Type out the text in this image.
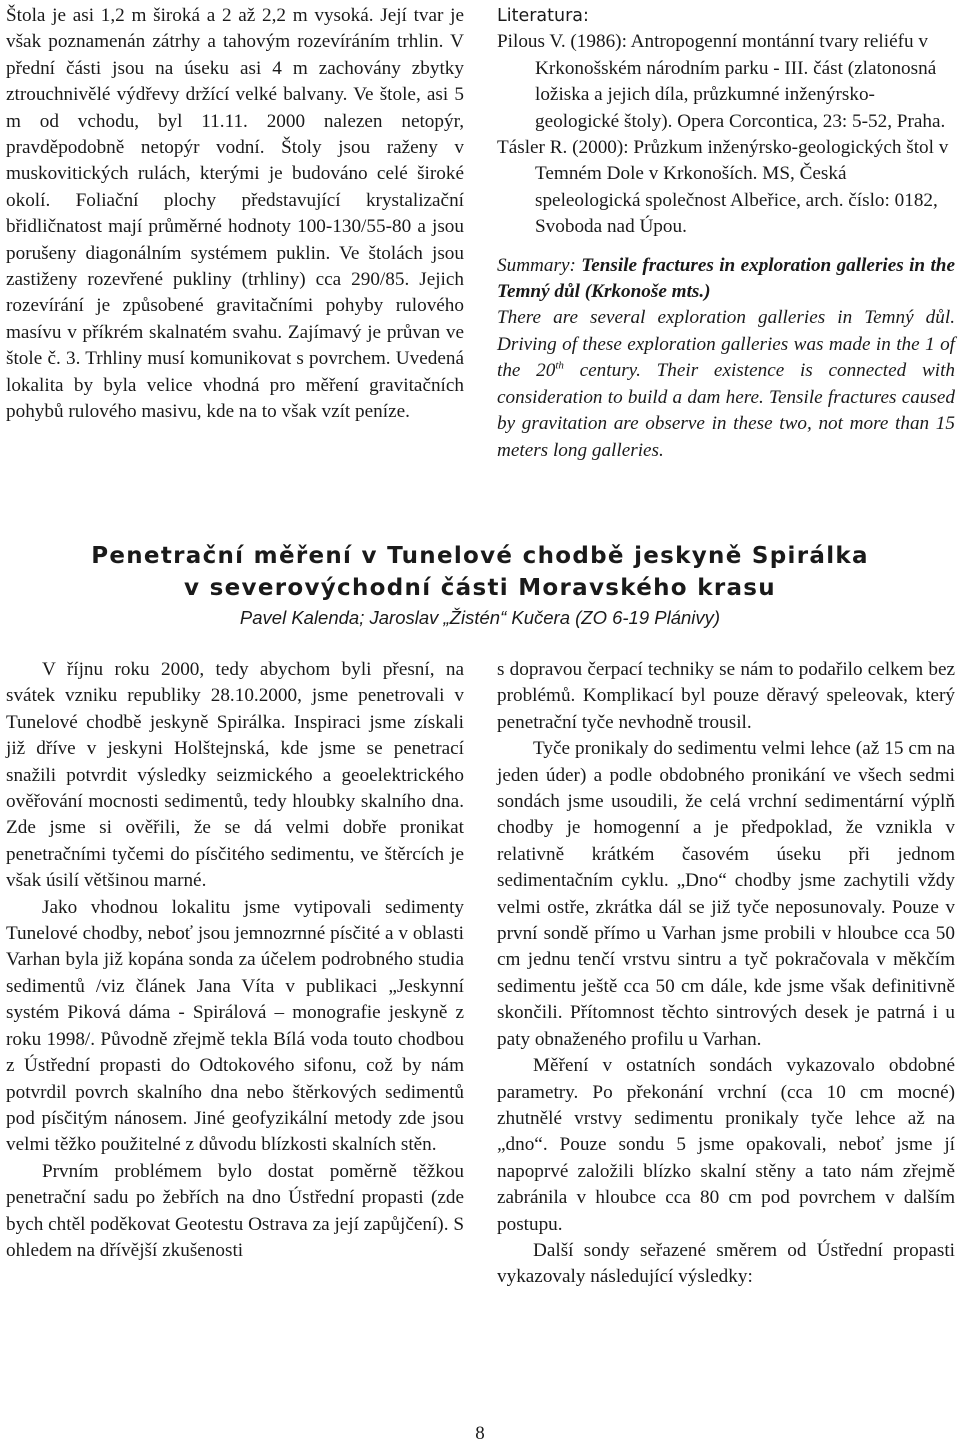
Štola je asi 1,2 m široká a 2 až 2,2 m vysoká. Její tvar je však poznamenán zátrhy a tahovým rozevíráním trhlin. V přední části jsou na úseku asi 4 m zachovány zbytky ztrouchnivělé výdřevy držící velké balvany. Ve štole, asi 5 m od vchodu, byl 11.11. 2000 nalezen netopýr, pravděpodobně netopýr vodní. Štoly jsou raženy v muskovitických rulách, kterými je budováno celé široké okolí. Foliační plochy představující krystalizační břidličnatost mají průměrné hodnoty 100-130/55-80 a jsou porušeny diagonálním systémem puklin. Ve štolách jsou zastiženy rozevřené pukliny (trhliny) cca 290/85. Jejich rozevírání je způsobené gravitačními pohyby rulového masívu v příkrém skalnatém svahu. Zajímavý je průvan ve štole č. 3. Trhliny musí komunikovat s povrchem. Uvedená lokalita by byla velice vhodná pro měření gravitačních pohybů rulového masivu, kde na to však vzít peníze.

Literatura:

Pilous V. (1986): Antropogenní montánní tvary reliéfu v Krkonošském národním parku - III. část (zlatonosná ložiska a jejich díla, průzkumné inženýrsko-geologické štoly). Opera Corcontica, 23: 5-52, Praha.

Tásler R. (2000): Průzkum inženýrsko-geologických štol v Temném Dole v Krkonoších. MS, Česká speleologická společnost Albeřice, arch. číslo: 0182, Svoboda nad Úpou.

Summary: Tensile fractures in exploration galleries in the Temný důl (Krkonoše mts.)
There are several exploration galleries in Temný důl. Driving of these exploration galleries was made in the 1 of the 20th century. Their existence is connected with consideration to build a dam here. Tensile fractures caused by gravitation are observe in these two, not more than 15 meters long galleries.

Penetrační měření v Tunelové chodbě jeskyně Spirálka
v severovýchodní části Moravského krasu
Pavel Kalenda; Jaroslav „Žistén“ Kučera (ZO 6-19 Plánivy)

V říjnu roku 2000, tedy abychom byli přesní, na svátek vzniku republiky 28.10.2000, jsme penetrovali v Tunelové chodbě jeskyně Spirálka. Inspiraci jsme získali již dříve v jeskyni Holštejnská, kde jsme se penetrací snažili potvrdit výsledky seizmického a geoelektrického ověřování mocnosti sedimentů, tedy hloubky skalního dna. Zde jsme si ověřili, že se dá velmi dobře pronikat penetračními tyčemi do písčitého sedimentu, ve štěrcích je však úsilí většinou marné.

Jako vhodnou lokalitu jsme vytipovali sedimenty Tunelové chodby, neboť jsou jemnozrnné písčité a v oblasti Varhan byla již kopána sonda za účelem podrobného studia sedimentů /viz článek Jana Víta v publikaci „Jeskynní systém Piková dáma - Spirálová – monografie jeskyně z roku 1998/. Původně zřejmě tekla Bílá voda touto chodbou z Ústřední propasti do Odtokového sifonu, což by nám potvrdil povrch skalního dna nebo štěrkových sedimentů pod písčitým nánosem. Jiné geofyzikální metody zde jsou velmi těžko použitelné z důvodu blízkosti skalních stěn.

Prvním problémem bylo dostat poměrně těžkou penetrační sadu po žebřích na dno Ústřední propasti (zde bych chtěl poděkovat Geotestu Ostrava za její zapůjčení). S ohledem na dřívější zkušenosti

s dopravou čerpací techniky se nám to podařilo celkem bez problémů. Komplikací byl pouze děravý speleovak, který penetrační tyče nevhodně trousil.

Tyče pronikaly do sedimentu velmi lehce (až 15 cm na jeden úder) a podle obdobného pronikání ve všech sedmi sondách jsme usoudili, že celá vrchní sedimentární výplň chodby je homogenní a je předpoklad, že vznikla v relativně krátkém časovém úseku při jednom sedimentačním cyklu. „Dno“ chodby jsme zachytili vždy velmi ostře, zkrátka dál se již tyče neposunovaly. Pouze v první sondě přímo u Varhan jsme probili v hloubce cca 50 cm jednu tenčí vrstvu sintru a tyč pokračovala v měkčím sedimentu ještě cca 50 cm dále, kde jsme však definitivně skončili. Přítomnost těchto sintrových desek je patrná i u paty obnaženého profilu u Varhan.

Měření v ostatních sondách vykazovalo obdobné parametry. Po překonání vrchní (cca 10 cm mocné) zhutnělé vrstvy sedimentu pronikaly tyče lehce až na „dno“. Pouze sondu 5 jsme opakovali, neboť jsme jí napoprvé založili blízko skalní stěny a tato nám zřejmě zabránila v hloubce cca 80 cm pod povrchem v dalším postupu.

Další sondy seřazené směrem od Ústřední propasti vykazovaly následující výsledky:

8
